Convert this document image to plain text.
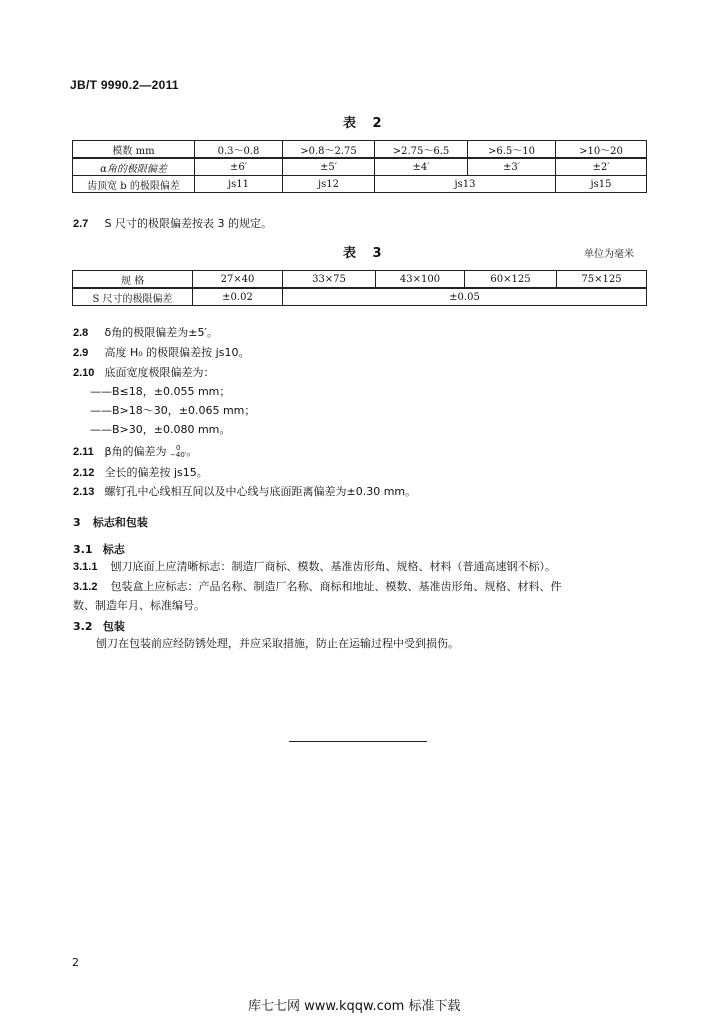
JB/T 9990.2—2011
表 2
模数 mm	0.3～0.8	>0.8～2.75	>2.75～6.5	>6.5～10	>10～20
α角的极限偏差	±6′	±5′	±4′	±3′	±2′
齿顶宽 b 的极限偏差	js11	js12	js13		js15
2.7 S 尺寸的极限偏差按表 3 的规定。
表 3	单位为毫米
规 格	27×40	33×75	43×100	60×125	75×125
S 尺寸的极限偏差	±0.02	±0.05			
2.8 δ角的极限偏差为±5′。
2.9 高度 H₀ 的极限偏差按 js10。
2.10 底面宽度极限偏差为：
——B≤18，±0.055 mm；
——B>18～30，±0.065 mm；
——B>30，±0.080 mm。
2.11 β角的偏差为	0
−40′ 。
2.12 全长的偏差按 js15。
2.13 螺钉孔中心线相互间以及中心线与底面距离偏差为±0.30 mm。
3 标志和包装
3.1 标志
3.1.1 刨刀底面上应清晰标志：制造厂商标、模数、基准齿形角、规格、材料（普通高速钢不标）。
3.1.2 包装盒上应标志：产品名称、制造厂名称、商标和地址、模数、基准齿形角、规格、材料、件
数、制造年月、标准编号。
3.2 包装
刨刀在包装前应经防锈处理，并应采取措施，防止在运输过程中受到损伤。
2
库七七网 www.kqqw.com 标准下载
